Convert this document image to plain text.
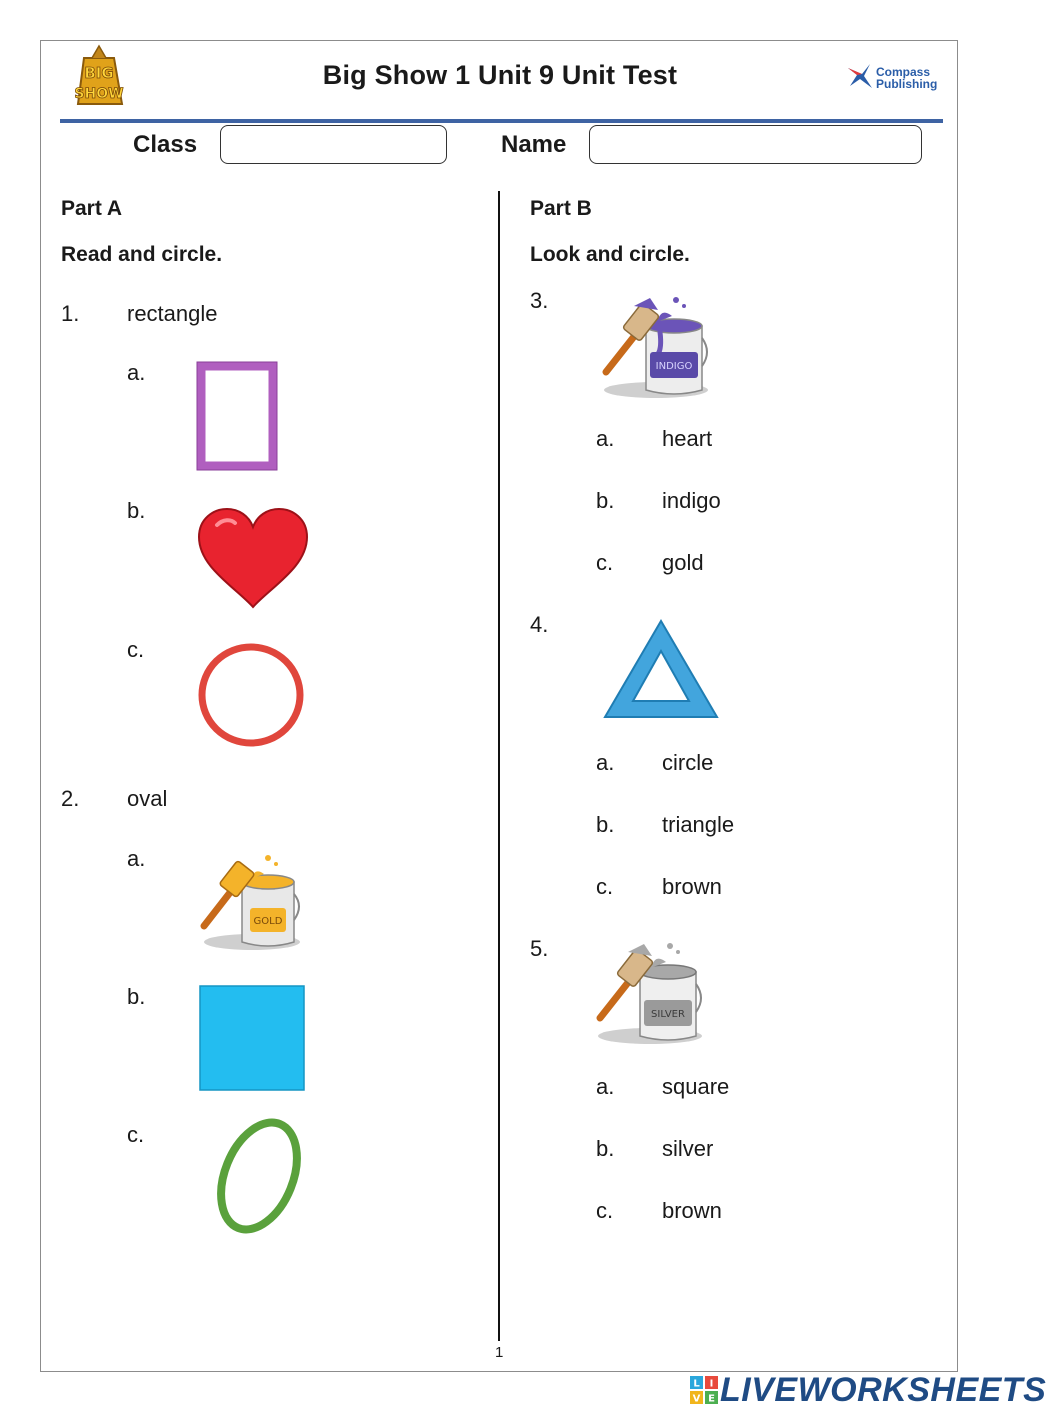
BIG
SHOW
Big Show 1 Unit 9 Unit Test	Compass
Publishing
Class	Name
Part A
Read and circle.
1. rectangle
a.
b.
c.
2. oval
a.
GOLD
b.
c.
Part B
Look and circle.
3.
INDIGO
a. heart
b. indigo
c. gold
4.
a. circle
b. triangle
c. brown
5.
SILVER
a. square
b. silver
c. brown
1
L I
V E LIVEWORKSHEETS
